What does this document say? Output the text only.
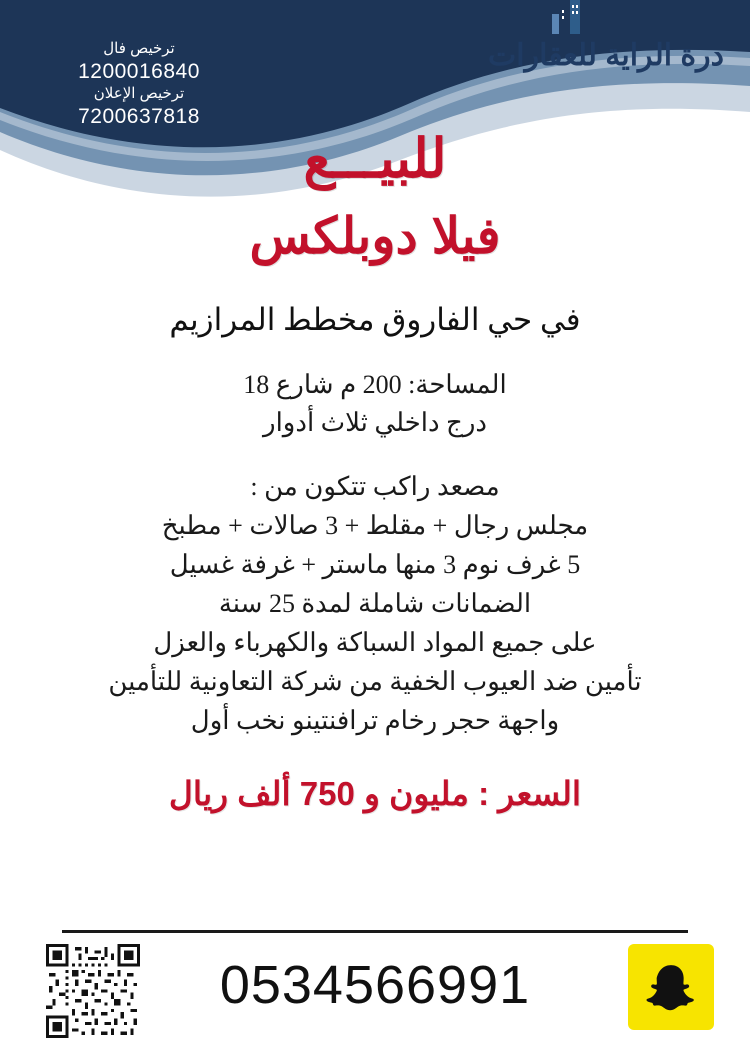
درة الراية للعقارات
ترخيص فال
1200016840
ترخيص الإعلان
7200637818
للبيـــع
فيلا دوبلكس
في حي الفاروق مخطط المرازيم
المساحة: 200 م شارع 18
درج داخلي ثلاث أدوار
مصعد راكب تتكون من :
مجلس رجال + مقلط + 3 صالات + مطبخ
5 غرف نوم 3 منها ماستر + غرفة غسيل
الضمانات شاملة لمدة 25 سنة
على جميع المواد السباكة والكهرباء والعزل
تأمين ضد العيوب الخفية من شركة التعاونية للتأمين
واجهة حجر رخام ترافنتينو نخب أول
السعر : مليون و 750 ألف ريال
0534566991
